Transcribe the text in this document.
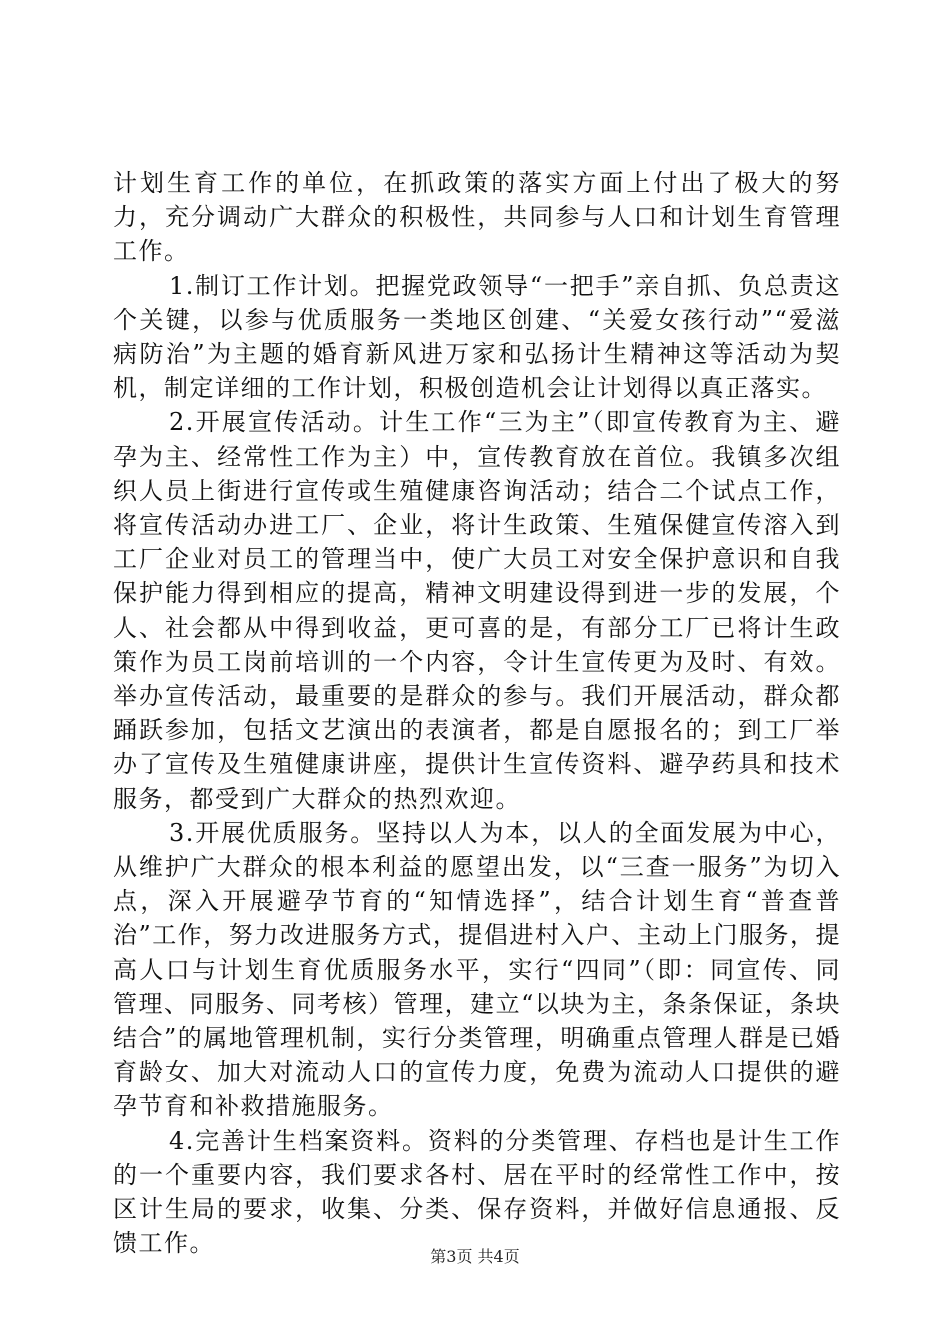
计划生育工作的单位，在抓政策的落实方面上付出了极大的努力，充分调动广大群众的积极性，共同参与人口和计划生育管理工作。

1.制订工作计划。把握党政领导“一把手”亲自抓、负总责这个关键，以参与优质服务一类地区创建、“关爱女孩行动”“爱滋病防治”为主题的婚育新风进万家和弘扬计生精神这等活动为契机，制定详细的工作计划，积极创造机会让计划得以真正落实。

2.开展宣传活动。计生工作“三为主”（即宣传教育为主、避孕为主、经常性工作为主）中，宣传教育放在首位。我镇多次组织人员上街进行宣传或生殖健康咨询活动；结合二个试点工作，将宣传活动办进工厂、企业，将计生政策、生殖保健宣传溶入到工厂企业对员工的管理当中，使广大员工对安全保护意识和自我保护能力得到相应的提高，精神文明建设得到进一步的发展，个人、社会都从中得到收益，更可喜的是，有部分工厂已将计生政策作为员工岗前培训的一个内容，令计生宣传更为及时、有效。举办宣传活动，最重要的是群众的参与。我们开展活动，群众都踊跃参加，包括文艺演出的表演者，都是自愿报名的；到工厂举办了宣传及生殖健康讲座，提供计生宣传资料、避孕药具和技术服务，都受到广大群众的热烈欢迎。

3.开展优质服务。坚持以人为本，以人的全面发展为中心，从维护广大群众的根本利益的愿望出发，以“三查一服务”为切入点，深入开展避孕节育的“知情选择”，结合计划生育“普查普治”工作，努力改进服务方式，提倡进村入户、主动上门服务，提高人口与计划生育优质服务水平，实行“四同”（即：同宣传、同管理、同服务、同考核）管理，建立“以块为主，条条保证，条块结合”的属地管理机制，实行分类管理，明确重点管理人群是已婚育龄女、加大对流动人口的宣传力度，免费为流动人口提供的避孕节育和补救措施服务。

4.完善计生档案资料。资料的分类管理、存档也是计生工作的一个重要内容，我们要求各村、居在平时的经常性工作中，按区计生局的要求，收集、分类、保存资料，并做好信息通报、反馈工作。	第3页 共4页
